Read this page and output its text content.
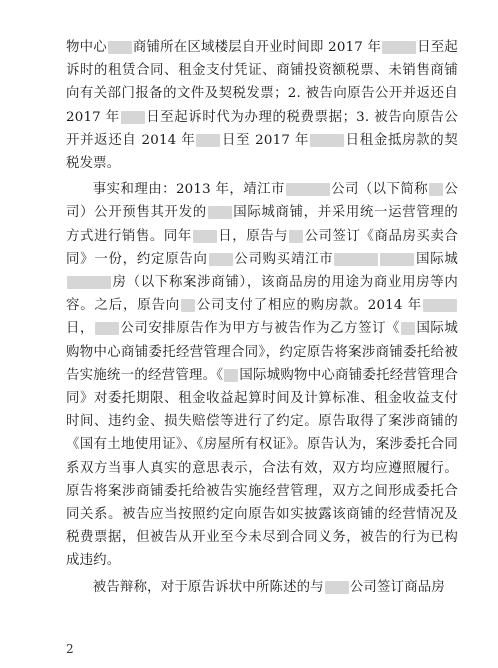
物中心 商铺所在区域楼层自开业时间即 2017 年	日至起诉时的租赁合同、租金支付凭证、商铺投资额税票、未销售商铺向有关部门报备的文件及契税发票；2. 被告向原告公开并返还自 2017 年 日至起诉时代为办理的税费票据；3. 被告向原告公开并返还自 2014 年 日至 2017 年	日租金抵房款的契税发票。

事实和理由：2013 年，靖江市	公司（以下简称 公司）公开预售其开发的 国际城商铺，并采用统一运营管理的方式进行销售。同年 日，原告与 公司签订《商品房买卖合同》一份，约定原告向 公司购买靖江市	国际城房（以下称案涉商铺），该商品房的用途为商业用房等内容。之后，原告向 公司支付了相应的购房款。2014 年日， 公司安排原告作为甲方与被告作为乙方签订《 国际城购物中心商铺委托经营管理合同》，约定原告将案涉商铺委托给被告实施统一的经营管理。《 国际城购物中心商铺委托经营管理合同》对委托期限、租金收益起算时间及计算标准、租金收益支付时间、违约金、损失赔偿等进行了约定。原告取得了案涉商铺的《国有土地使用证》、《房屋所有权证》。原告认为，案涉委托合同系双方当事人真实的意思表示，合法有效，双方均应遵照履行。原告将案涉商铺委托给被告实施经营管理，双方之间形成委托合同关系。被告应当按照约定向原告如实披露该商铺的经营情况及税费票据，但被告从开业至今未尽到合同义务，被告的行为已构成违约。

被告辩称，对于原告诉状中所陈述的与 公司签订商品房

2
